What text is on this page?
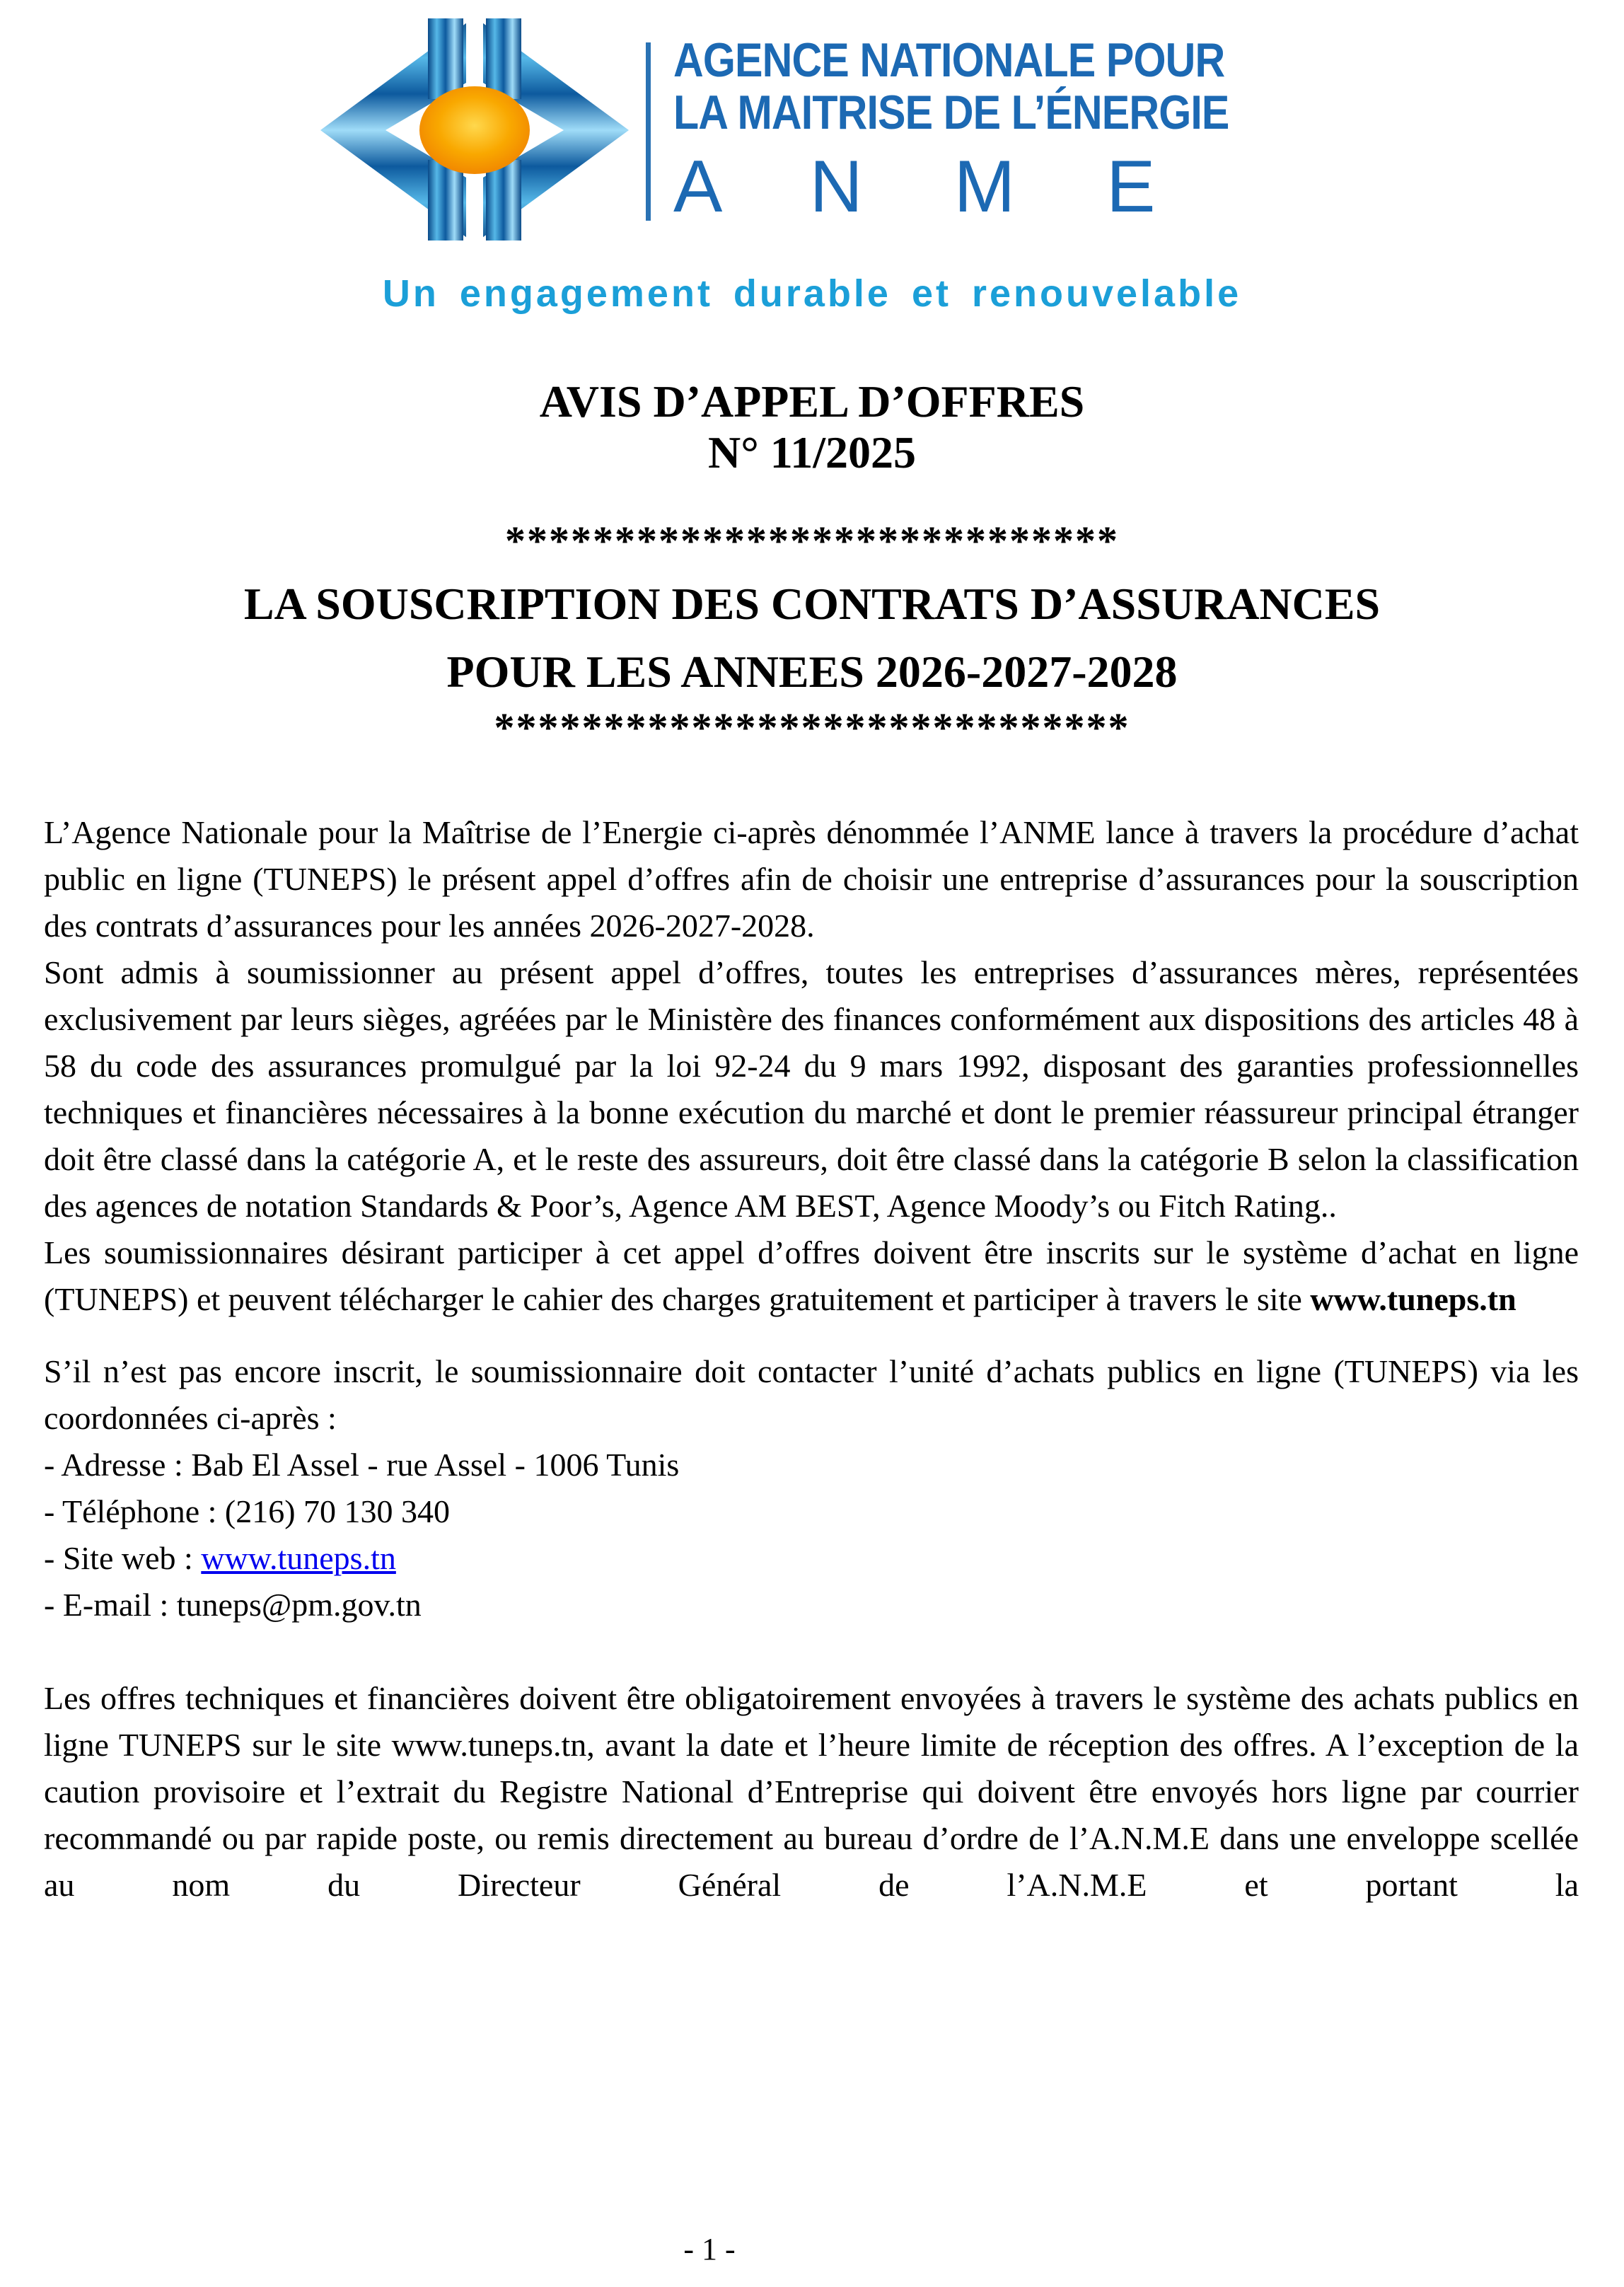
AGENCE NATIONALE POUR
LA MAITRISE DE L’ÉNERGIE
A N M E
Un engagement durable et renouvelable
AVIS D’APPEL D’OFFRES
N° 11/2025
****************************
LA SOUSCRIPTION DES CONTRATS D’ASSURANCES
POUR LES ANNEES 2026-2027-2028
*****************************

L’Agence Nationale pour la Maîtrise de l’Energie ci-après dénommée l’ANME lance à travers la procédure d’achat public en ligne (TUNEPS) le présent appel d’offres afin de choisir une entreprise d’assurances pour la souscription des contrats d’assurances pour les années 2026-2027-2028.

Sont admis à soumissionner au présent appel d’offres, toutes les entreprises d’assurances mères, représentées exclusivement par leurs sièges, agréées par le Ministère des finances conformément aux dispositions des articles 48 à 58 du code des assurances promulgué par la loi 92-24 du 9 mars 1992, disposant des garanties professionnelles techniques et financières nécessaires à la bonne exécution du marché et dont le premier réassureur principal étranger doit être classé dans la catégorie A, et le reste des assureurs, doit être classé dans la catégorie B selon la classification des agences de notation Standards & Poor’s, Agence AM BEST, Agence Moody’s ou Fitch Rating..

Les soumissionnaires désirant participer à cet appel d’offres doivent être inscrits sur le système d’achat en ligne (TUNEPS) et peuvent télécharger le cahier des charges gratuitement et participer à travers le site www.tuneps.tn

S’il n’est pas encore inscrit, le soumissionnaire doit contacter l’unité d’achats publics en ligne (TUNEPS) via les coordonnées ci-après :

- Adresse : Bab El Assel - rue Assel - 1006 Tunis
- Téléphone : (216) 70 130 340
- Site web : www.tuneps.tn
- E-mail : tuneps@pm.gov.tn

Les offres techniques et financières doivent être obligatoirement envoyées à travers le système des achats publics en ligne TUNEPS sur le site www.tuneps.tn, avant la date et l’heure limite de réception des offres. A l’exception de la caution provisoire et l’extrait du Registre National d’Entreprise qui doivent être envoyés hors ligne par courrier recommandé ou par rapide poste, ou remis directement au bureau d’ordre de l’A.N.M.E dans une enveloppe scellée au nom du Directeur Général de l’A.N.M.E et portant la

- 1 -
